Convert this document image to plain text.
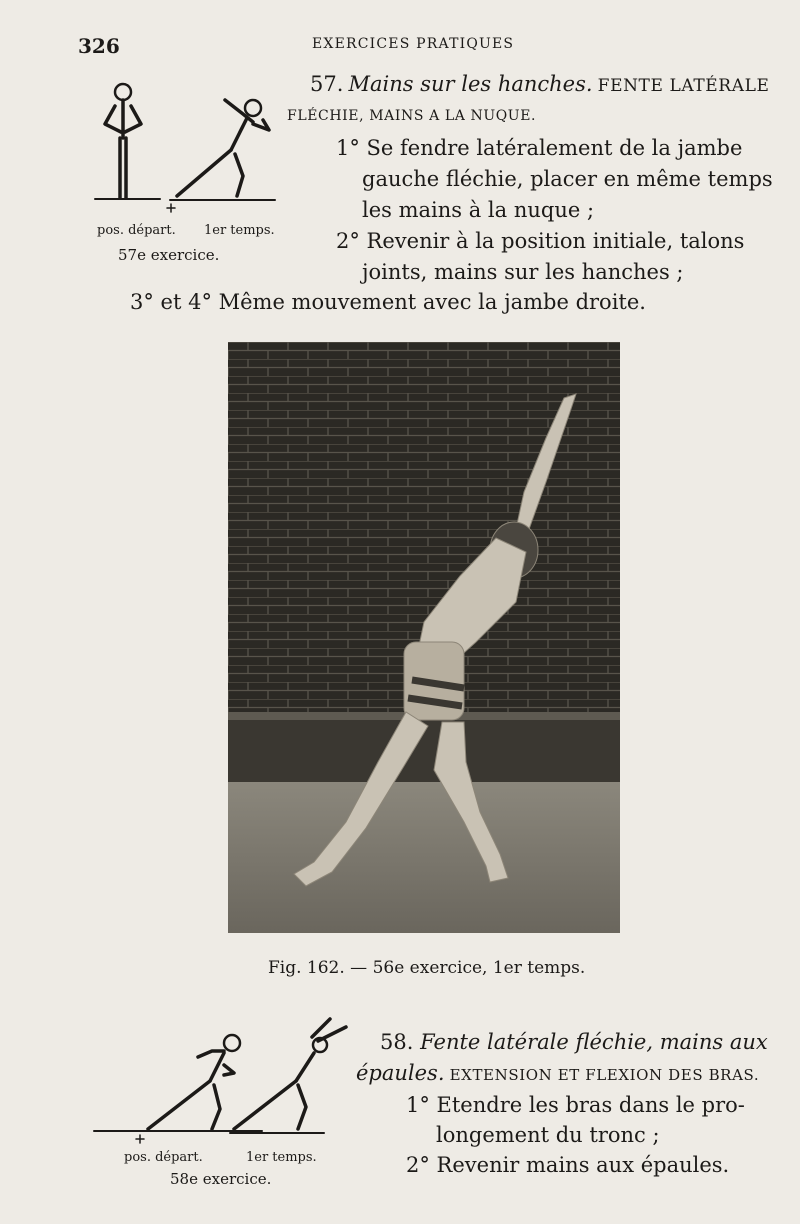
326	EXERCICES PRATIQUES
pos. départ. 1er temps.
57e exercice.
57. Mains sur les hanches. FENTE LATÉRALE
FLÉCHIE, MAINS A LA NUQUE.
1° Se fendre latéralement de la jambe
gauche fléchie, placer en même temps
les mains à la nuque ;
2° Revenir à la position initiale, talons
joints, mains sur les hanches ;
3° et 4° Même mouvement avec la jambe droite.
Fig. 162. — 56e exercice, 1er temps.
pos. départ.	1er temps.
58e exercice.
58. Fente latérale fléchie, mains aux
épaules. EXTENSION ET FLEXION DES BRAS.
1° Etendre les bras dans le pro-
longement du tronc ;
2° Revenir mains aux épaules.
